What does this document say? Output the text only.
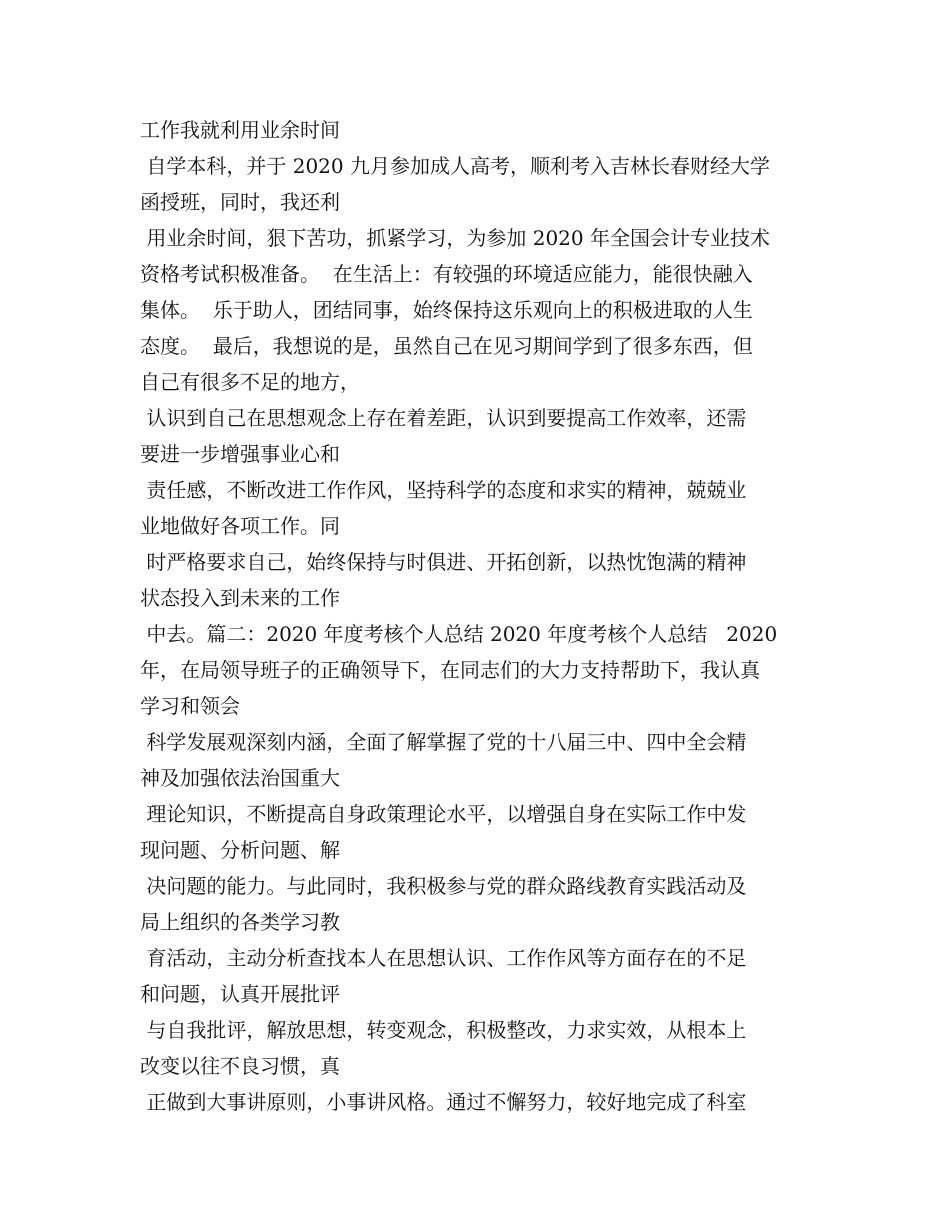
工作我就利用业余时间
自学本科，并于 2020 九月参加成人高考，顺利考入吉林长春财经大学
函授班，同时，我还利
用业余时间，狠下苦功，抓紧学习，为参加 2020 年全国会计专业技术
资格考试积极准备。  在生活上：有较强的环境适应能力，能很快融入
集体。  乐于助人，团结同事，始终保持这乐观向上的积极进取的人生
态度。  最后，我想说的是，虽然自己在见习期间学到了很多东西，但
自己有很多不足的地方，
认识到自己在思想观念上存在着差距，认识到要提高工作效率，还需
要进一步增强事业心和
责任感，不断改进工作作风，坚持科学的态度和求实的精神，兢兢业
业地做好各项工作。同
时严格要求自己，始终保持与时俱进、开拓创新，以热忱饱满的精神
状态投入到未来的工作
中去。篇二：2020 年度考核个人总结 2020 年度考核个人总结   2020
年，在局领导班子的正确领导下，在同志们的大力支持帮助下，我认真
学习和领会
科学发展观深刻内涵，全面了解掌握了党的十八届三中、四中全会精
神及加强依法治国重大
理论知识，不断提高自身政策理论水平，以增强自身在实际工作中发
现问题、分析问题、解
决问题的能力。与此同时，我积极参与党的群众路线教育实践活动及
局上组织的各类学习教
育活动，主动分析查找本人在思想认识、工作作风等方面存在的不足
和问题，认真开展批评
与自我批评，解放思想，转变观念，积极整改，力求实效，从根本上
改变以往不良习惯，真
正做到大事讲原则，小事讲风格。通过不懈努力，较好地完成了科室
